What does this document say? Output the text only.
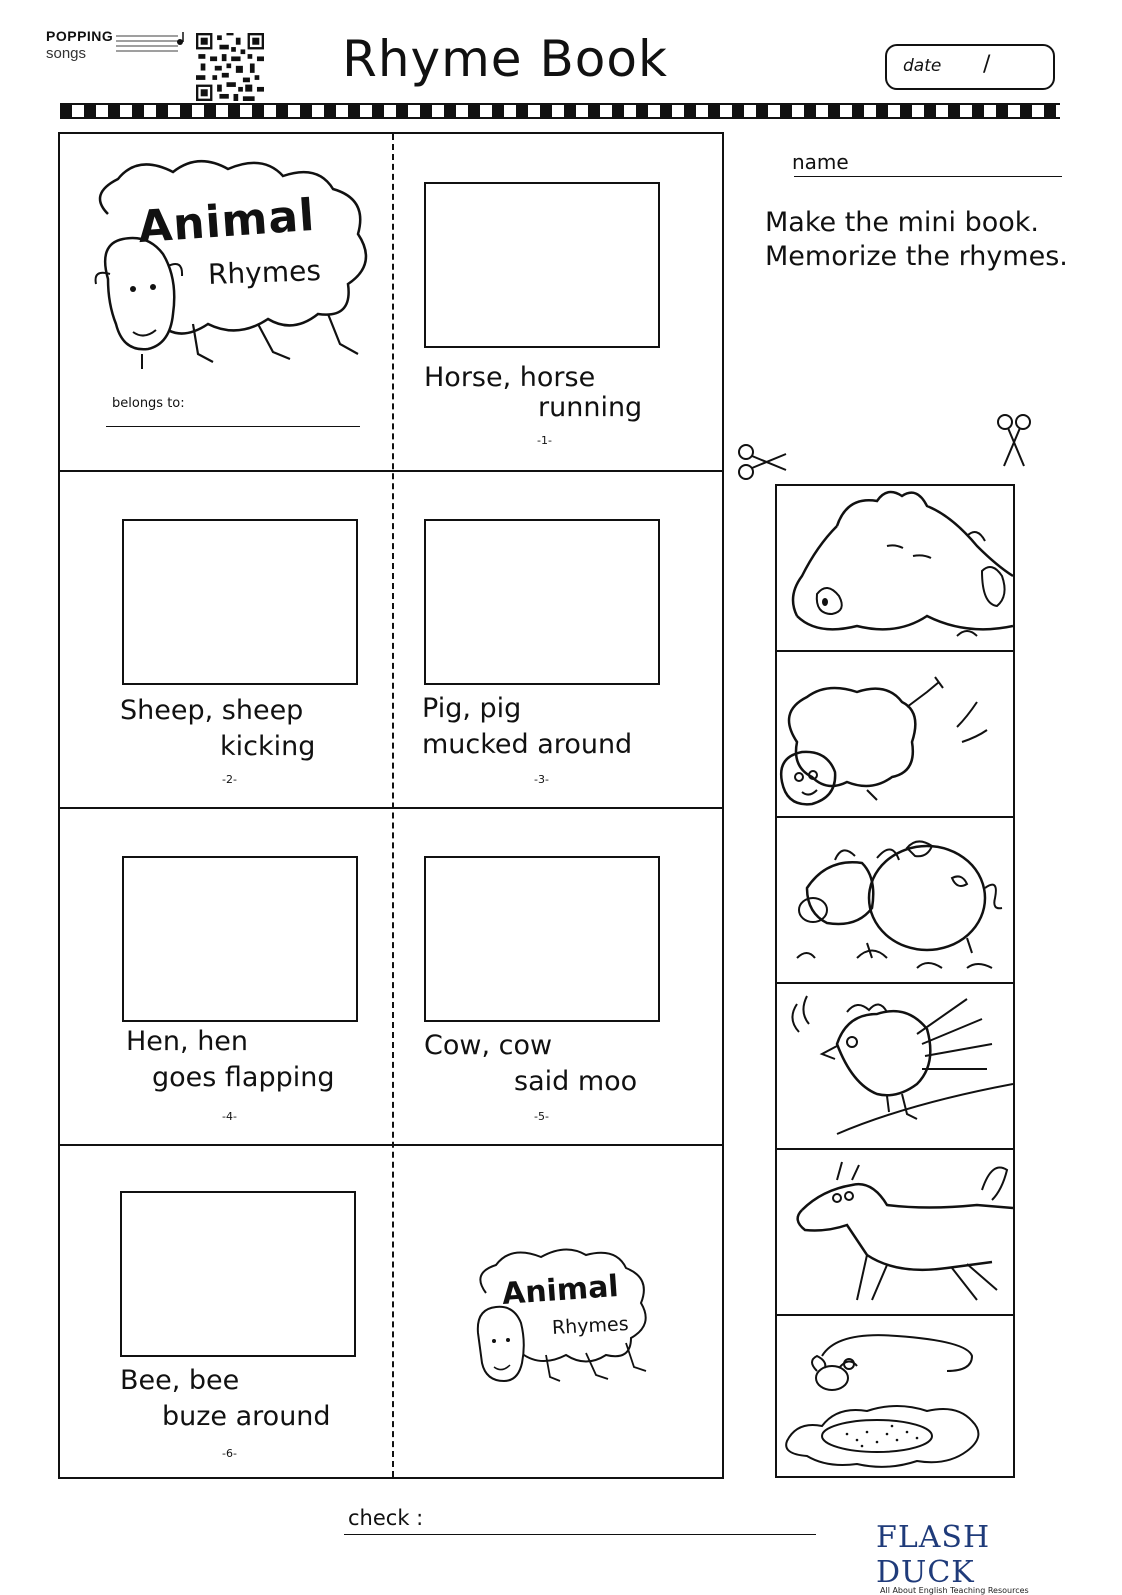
POPPING
songs	Rhyme Book	date /
Animal
Rhymes
belongs to:
Horse, horse
running
-1-
Sheep, sheep
kicking
-2-
Pig, pig
mucked around
-3-
Hen, hen
goes flapping
-4-
Cow, cow
said moo
-5-
Bee, bee
buze around
-6-
Animal
Rhymes
name
Make the mini book.
Memorize the rhymes.
check :
FLASH DUCK
All About English Teaching Resources
